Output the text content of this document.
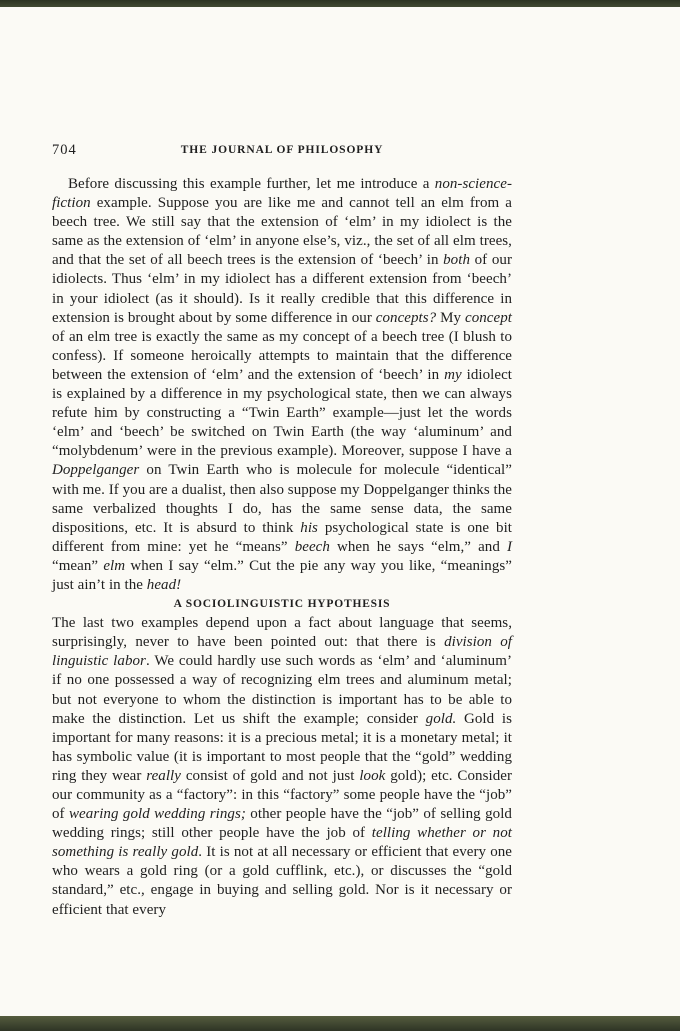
704	THE JOURNAL OF PHILOSOPHY

Before discussing this example further, let me introduce a non-science-fiction example. Suppose you are like me and cannot tell an elm from a beech tree. We still say that the extension of ‘elm’ in my idiolect is the same as the extension of ‘elm’ in anyone else’s, viz., the set of all elm trees, and that the set of all beech trees is the extension of ‘beech’ in both of our idiolects. Thus ‘elm’ in my idiolect has a different extension from ‘beech’ in your idiolect (as it should). Is it really credible that this difference in extension is brought about by some difference in our concepts? My concept of an elm tree is exactly the same as my concept of a beech tree (I blush to confess). If someone heroically attempts to maintain that the difference between the extension of ‘elm’ and the extension of ‘beech’ in my idiolect is explained by a difference in my psychological state, then we can always refute him by constructing a “Twin Earth” example—just let the words ‘elm’ and ‘beech’ be switched on Twin Earth (the way ‘aluminum’ and “molybdenum’ were in the previous example). Moreover, suppose I have a Doppelganger on Twin Earth who is molecule for molecule “identical” with me. If you are a dualist, then also suppose my Doppelganger thinks the same verbalized thoughts I do, has the same sense data, the same dispositions, etc. It is absurd to think his psychological state is one bit different from mine: yet he “means” beech when he says “elm,” and I “mean” elm when I say “elm.” Cut the pie any way you like, “meanings” just ain’t in the head!

A SOCIOLINGUISTIC HYPOTHESIS

The last two examples depend upon a fact about language that seems, surprisingly, never to have been pointed out: that there is division of linguistic labor. We could hardly use such words as ‘elm’ and ‘aluminum’ if no one possessed a way of recognizing elm trees and aluminum metal; but not everyone to whom the distinction is important has to be able to make the distinction. Let us shift the example; consider gold. Gold is important for many reasons: it is a precious metal; it is a monetary metal; it has symbolic value (it is important to most people that the “gold” wedding ring they wear really consist of gold and not just look gold); etc. Consider our community as a “factory”: in this “factory” some people have the “job” of wearing gold wedding rings; other people have the “job” of selling gold wedding rings; still other people have the job of telling whether or not something is really gold. It is not at all necessary or efficient that every one who wears a gold ring (or a gold cufflink, etc.), or discusses the “gold standard,” etc., engage in buying and selling gold. Nor is it necessary or efficient that every
